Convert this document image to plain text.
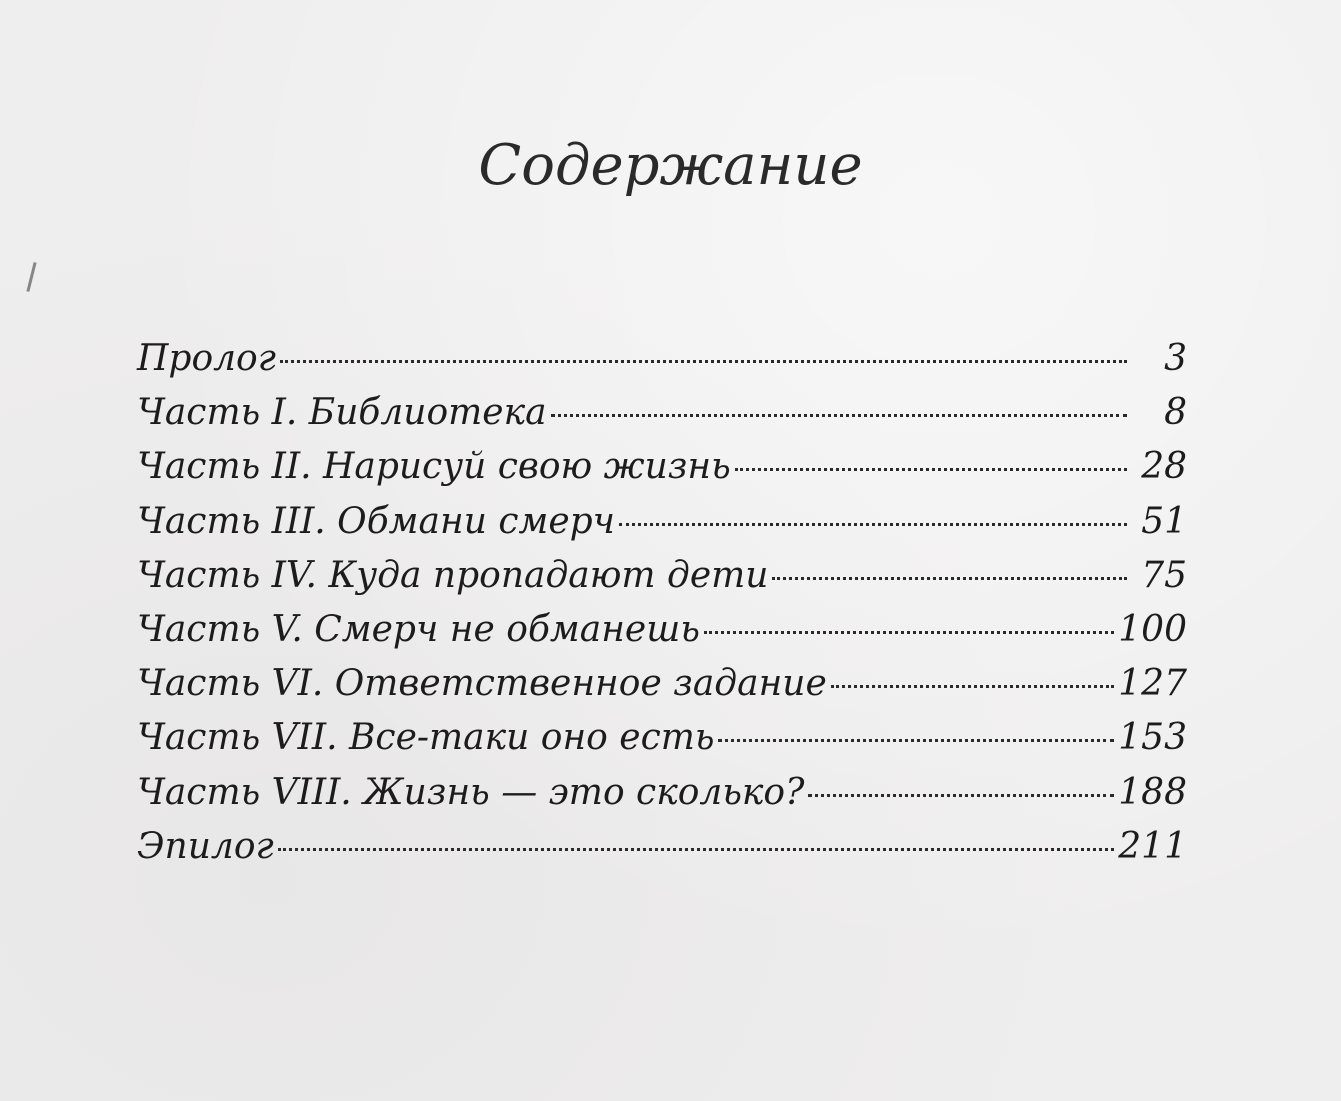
Содержание
Пролог	3
Часть I. Библиотека	8
Часть II. Нарисуй свою жизнь	28
Часть III. Обмани смерч	51
Часть IV. Куда пропадают дети	75
Часть V. Смерч не обманешь	100
Часть VI. Ответственное задание	127
Часть VII. Все-таки оно есть	153
Часть VIII. Жизнь — это сколько?	188
Эпилог	211
